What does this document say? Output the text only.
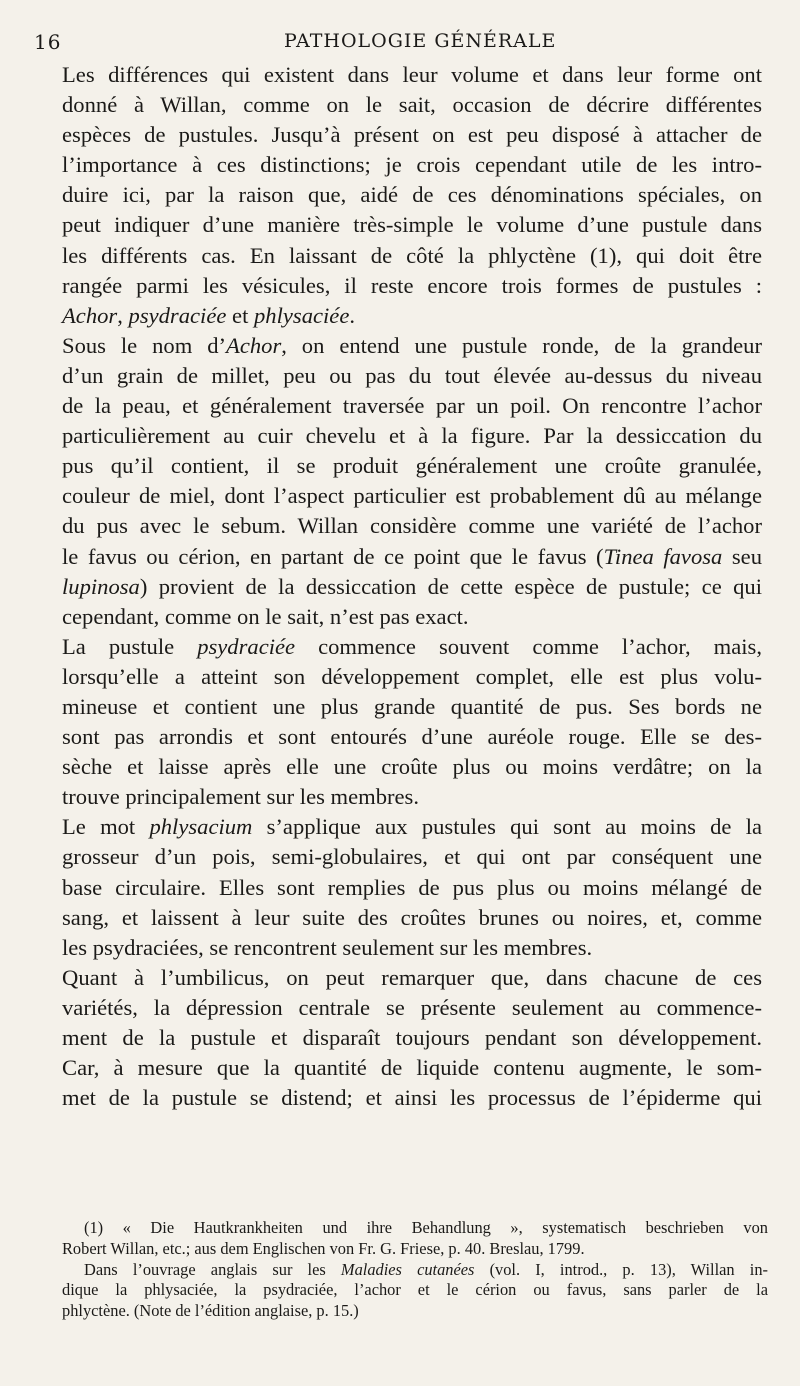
16	PATHOLOGIE GÉNÉRALE
Les différences qui existent dans leur volume et dans leur forme ont
donné à Willan, comme on le sait, occasion de décrire différentes
espèces de pustules. Jusqu’à présent on est peu disposé à attacher de
l’importance à ces distinctions; je crois cependant utile de les intro-
duire ici, par la raison que, aidé de ces dénominations spéciales, on
peut indiquer d’une manière très-simple le volume d’une pustule dans
les différents cas. En laissant de côté la phlyctène (1), qui doit être
rangée parmi les vésicules, il reste encore trois formes de pustules :
Achor, psydraciée et phlysaciée.
Sous le nom d’Achor, on entend une pustule ronde, de la grandeur
d’un grain de millet, peu ou pas du tout élevée au-dessus du niveau
de la peau, et généralement traversée par un poil. On rencontre l’achor
particulièrement au cuir chevelu et à la figure. Par la dessiccation du
pus qu’il contient, il se produit généralement une croûte granulée,
couleur de miel, dont l’aspect particulier est probablement dû au mélange
du pus avec le sebum. Willan considère comme une variété de l’achor
le favus ou cérion, en partant de ce point que le favus (Tinea favosa seu
lupinosa) provient de la dessiccation de cette espèce de pustule; ce qui
cependant, comme on le sait, n’est pas exact.
La pustule psydraciée commence souvent comme l’achor, mais,
lorsqu’elle a atteint son développement complet, elle est plus volu-
mineuse et contient une plus grande quantité de pus. Ses bords ne
sont pas arrondis et sont entourés d’une auréole rouge. Elle se des-
sèche et laisse après elle une croûte plus ou moins verdâtre; on la
trouve principalement sur les membres.
Le mot phlysacium s’applique aux pustules qui sont au moins de la
grosseur d’un pois, semi-globulaires, et qui ont par conséquent une
base circulaire. Elles sont remplies de pus plus ou moins mélangé de
sang, et laissent à leur suite des croûtes brunes ou noires, et, comme
les psydraciées, se rencontrent seulement sur les membres.
Quant à l’umbilicus, on peut remarquer que, dans chacune de ces
variétés, la dépression centrale se présente seulement au commence-
ment de la pustule et disparaît toujours pendant son développement.
Car, à mesure que la quantité de liquide contenu augmente, le som-
met de la pustule se distend; et ainsi les processus de l’épiderme qui
(1) « Die Hautkrankheiten und ihre Behandlung », systematisch beschrieben von
Robert Willan, etc.; aus dem Englischen von Fr. G. Friese, p. 40. Breslau, 1799.
Dans l’ouvrage anglais sur les Maladies cutanées (vol. I, introd., p. 13), Willan in-
dique la phlysaciée, la psydraciée, l’achor et le cérion ou favus, sans parler de la
phlyctène. (Note de l’édition anglaise, p. 15.)
